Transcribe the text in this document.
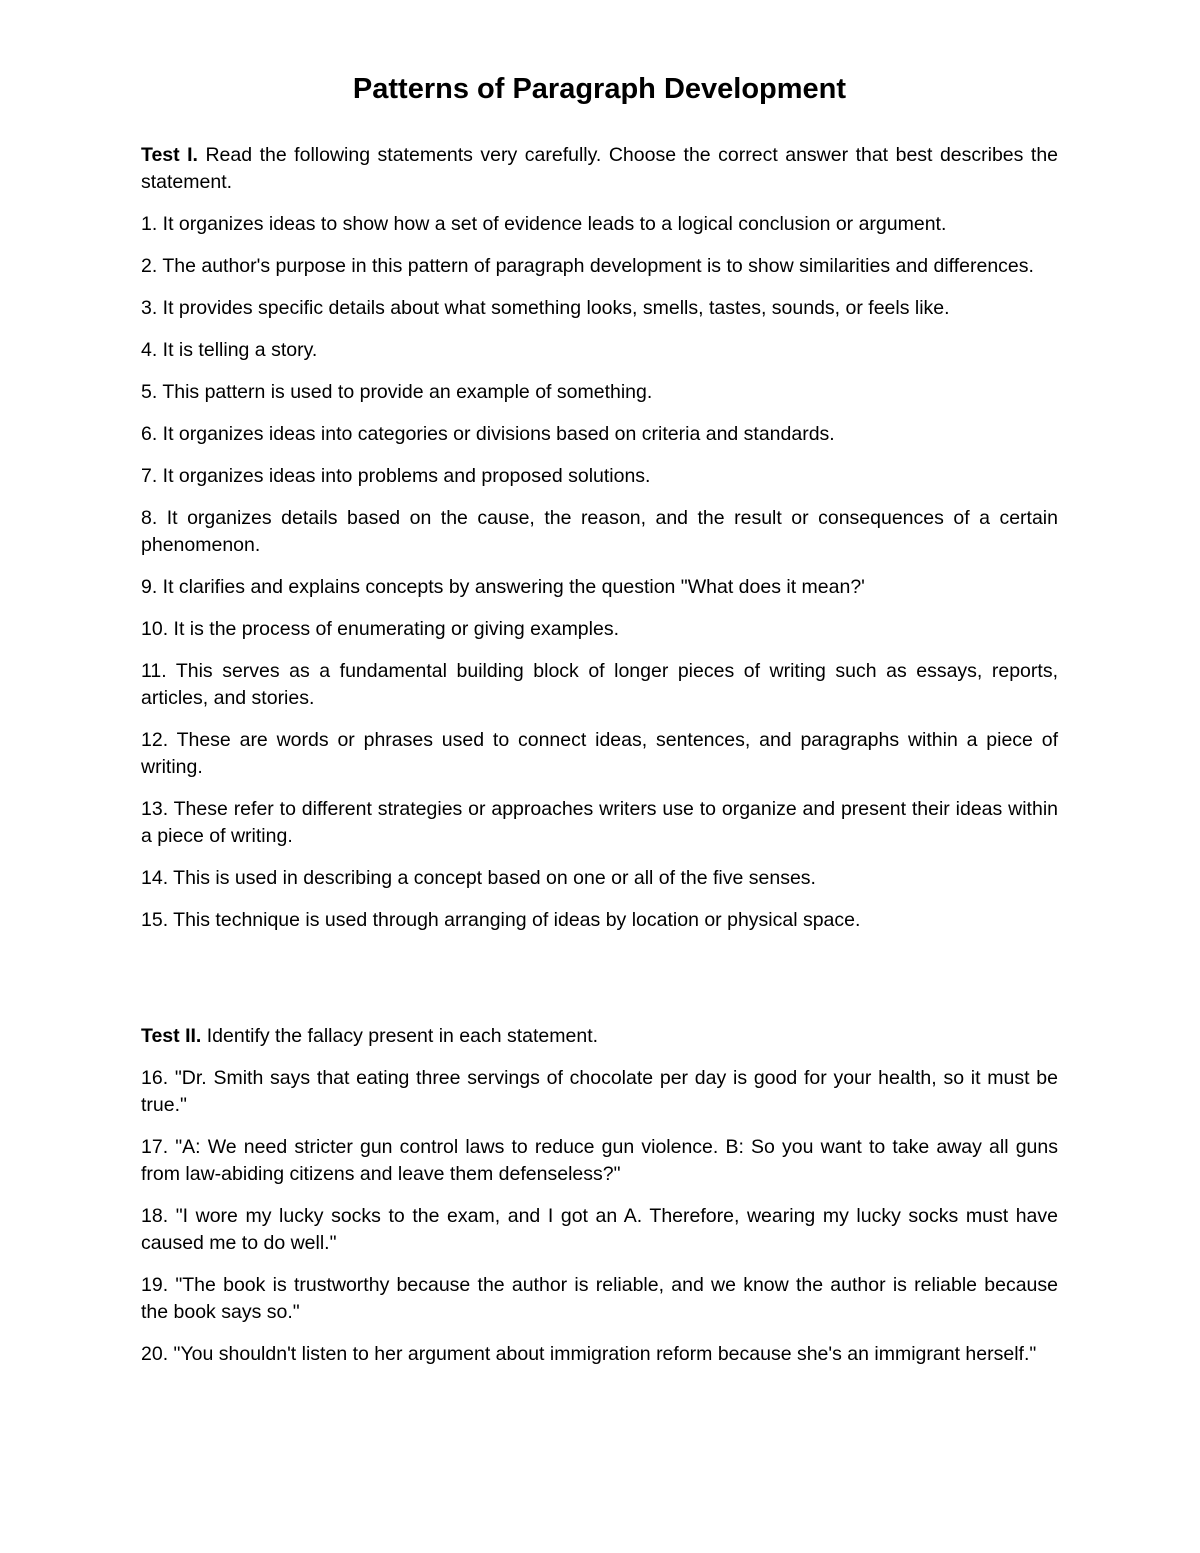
Patterns of Paragraph Development

Test I. Read the following statements very carefully. Choose the correct answer that best describes the statement.

1. It organizes ideas to show how a set of evidence leads to a logical conclusion or argument.

2. The author's purpose in this pattern of paragraph development is to show similarities and differences.

3. It provides specific details about what something looks, smells, tastes, sounds, or feels like.

4. It is telling a story.

5. This pattern is used to provide an example of something.

6. It organizes ideas into categories or divisions based on criteria and standards.

7. It organizes ideas into problems and proposed solutions.

8. It organizes details based on the cause, the reason, and the result or consequences of a certain phenomenon.

9. It clarifies and explains concepts by answering the question "What does it mean?'

10. It is the process of enumerating or giving examples.

11. This serves as a fundamental building block of longer pieces of writing such as essays, reports, articles, and stories.

12. These are words or phrases used to connect ideas, sentences, and paragraphs within a piece of writing.

13. These refer to different strategies or approaches writers use to organize and present their ideas within a piece of writing.

14. This is used in describing a concept based on one or all of the five senses.

15. This technique is used through arranging of ideas by location or physical space.

Test II. Identify the fallacy present in each statement.

16. "Dr. Smith says that eating three servings of chocolate per day is good for your health, so it must be true."

17. "A: We need stricter gun control laws to reduce gun violence. B: So you want to take away all guns from law-abiding citizens and leave them defenseless?"

18. "I wore my lucky socks to the exam, and I got an A. Therefore, wearing my lucky socks must have caused me to do well."

19. "The book is trustworthy because the author is reliable, and we know the author is reliable because the book says so."

20. "You shouldn't listen to her argument about immigration reform because she's an immigrant herself."
